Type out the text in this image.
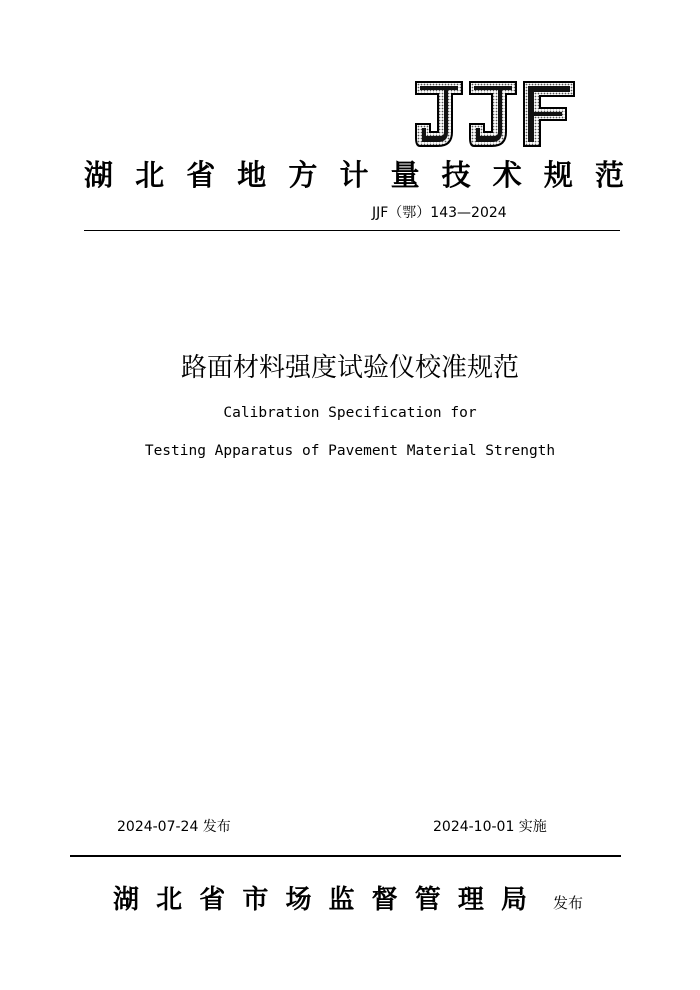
湖 北 省 地 方 计 量 技 术 规 范
JJF（鄂）143—2024
路面材料强度试验仪校准规范
Calibration Specification for
Testing Apparatus of Pavement Material Strength
2024-07-24 发布	2024-10-01 实施
湖 北 省 市 场 监 督 管 理 局 发布
